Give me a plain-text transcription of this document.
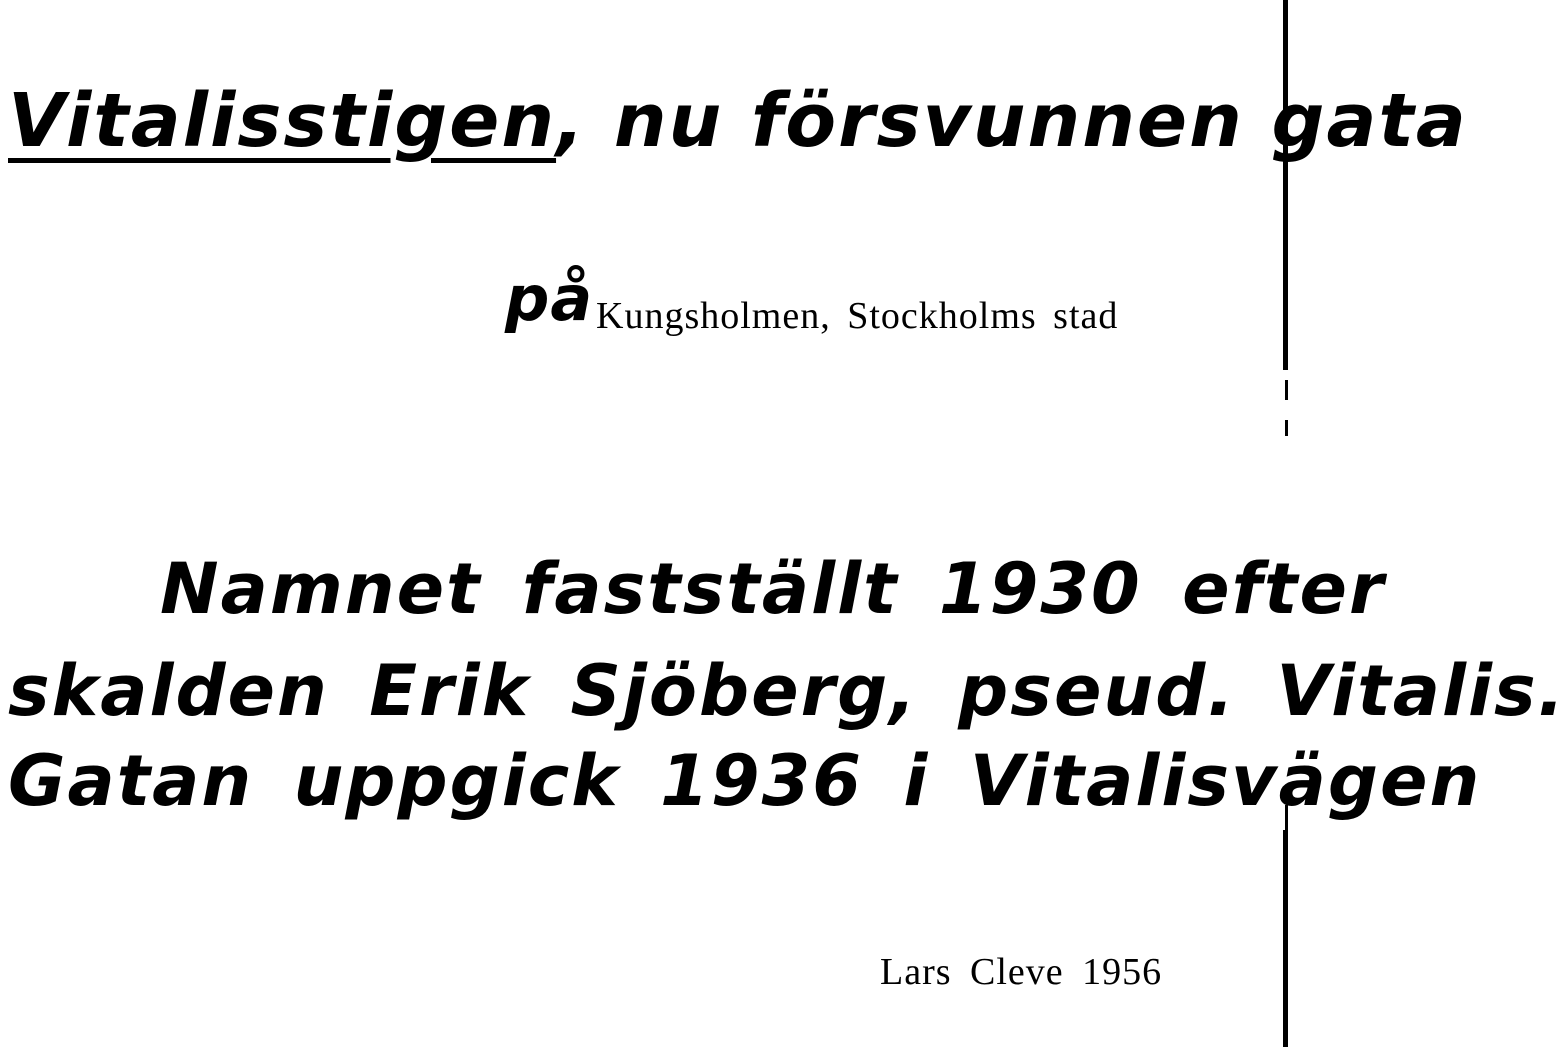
Vitalisstigen, nu försvunnen gata
på Kungsholmen, Stockholms stad
Namnet fastställt 1930 efter
skalden Erik Sjöberg, pseud. Vitalis.
Gatan uppgick 1936 i Vitalisvägen
Lars Cleve 1956
